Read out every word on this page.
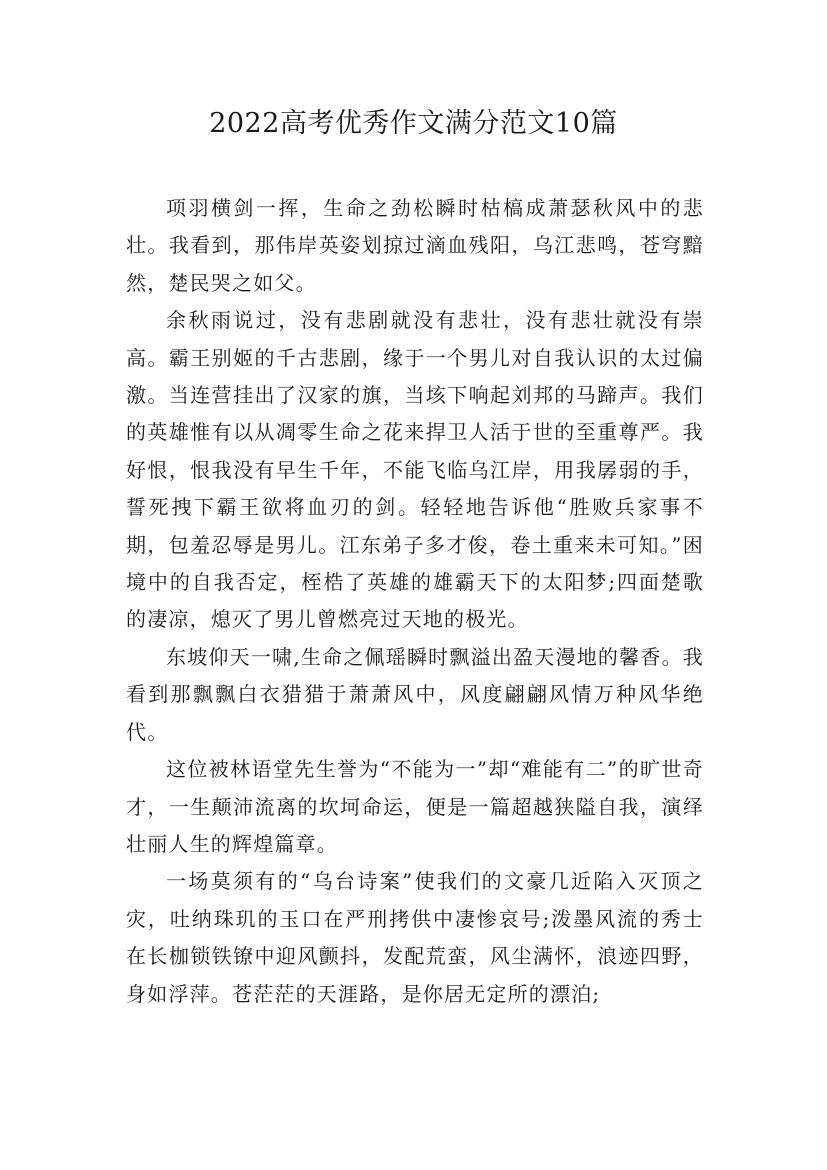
2022高考优秀作文满分范文10篇

项羽横剑一挥，生命之劲松瞬时枯槁成萧瑟秋风中的悲壮。我看到，那伟岸英姿划掠过滴血残阳，乌江悲鸣，苍穹黯然，楚民哭之如父。

余秋雨说过，没有悲剧就没有悲壮，没有悲壮就没有崇高。霸王别姬的千古悲剧，缘于一个男儿对自我认识的太过偏激。当连营挂出了汉家的旗，当垓下响起刘邦的马蹄声。我们的英雄惟有以从凋零生命之花来捍卫人活于世的至重尊严。我好恨，恨我没有早生千年，不能飞临乌江岸，用我孱弱的手，誓死拽下霸王欲将血刃的剑。轻轻地告诉他“胜败兵家事不期，包羞忍辱是男儿。江东弟子多才俊，卷土重来未可知。”困境中的自我否定，桎梏了英雄的雄霸天下的太阳梦;四面楚歌的凄凉，熄灭了男儿曾燃亮过天地的极光。

东坡仰天一啸,生命之佩瑶瞬时飘溢出盈天漫地的馨香。我看到那飘飘白衣猎猎于萧萧风中，风度翩翩风情万种风华绝代。

这位被林语堂先生誉为“不能为一”却“难能有二”的旷世奇才，一生颠沛流离的坎坷命运，便是一篇超越狭隘自我，演绎壮丽人生的辉煌篇章。

一场莫须有的“乌台诗案”使我们的文豪几近陷入灭顶之灾，吐纳珠玑的玉口在严刑拷供中凄惨哀号;泼墨风流的秀士在长枷锁铁镣中迎风颤抖，发配荒蛮，风尘满怀，浪迹四野，身如浮萍。苍茫茫的天涯路，是你居无定所的漂泊;
